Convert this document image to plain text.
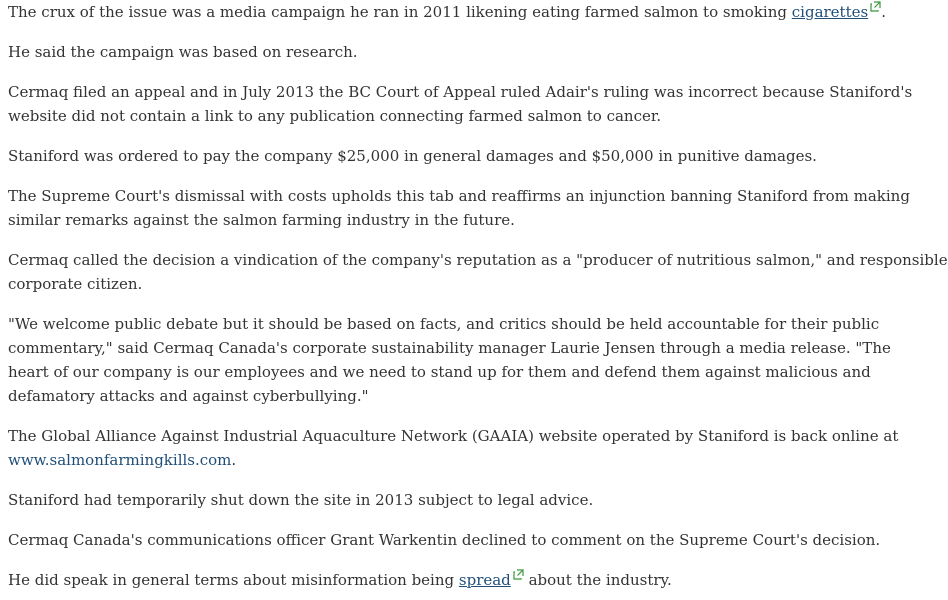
The crux of the issue was a media campaign he ran in 2011 likening eating farmed salmon to smoking cigarettes .

He said the campaign was based on research.

Cermaq filed an appeal and in July 2013 the BC Court of Appeal ruled Adair's ruling was incorrect because Staniford's
website did not contain a link to any publication connecting farmed salmon to cancer.

Staniford was ordered to pay the company $25,000 in general damages and $50,000 in punitive damages.

The Supreme Court's dismissal with costs upholds this tab and reaffirms an injunction banning Staniford from making
similar remarks against the salmon farming industry in the future.

Cermaq called the decision a vindication of the company's reputation as a "producer of nutritious salmon," and responsible
corporate citizen.

"We welcome public debate but it should be based on facts, and critics should be held accountable for their public
commentary," said Cermaq Canada's corporate sustainability manager Laurie Jensen through a media release. "The
heart of our company is our employees and we need to stand up for them and defend them against malicious and
defamatory attacks and against cyberbullying."

The Global Alliance Against Industrial Aquaculture Network (GAAIA) website operated by Staniford is back online at
www.salmonfarmingkills.com.

Staniford had temporarily shut down the site in 2013 subject to legal advice.

Cermaq Canada's communications officer Grant Warkentin declined to comment on the Supreme Court's decision.

He did speak in general terms about misinformation being spread about the industry.
